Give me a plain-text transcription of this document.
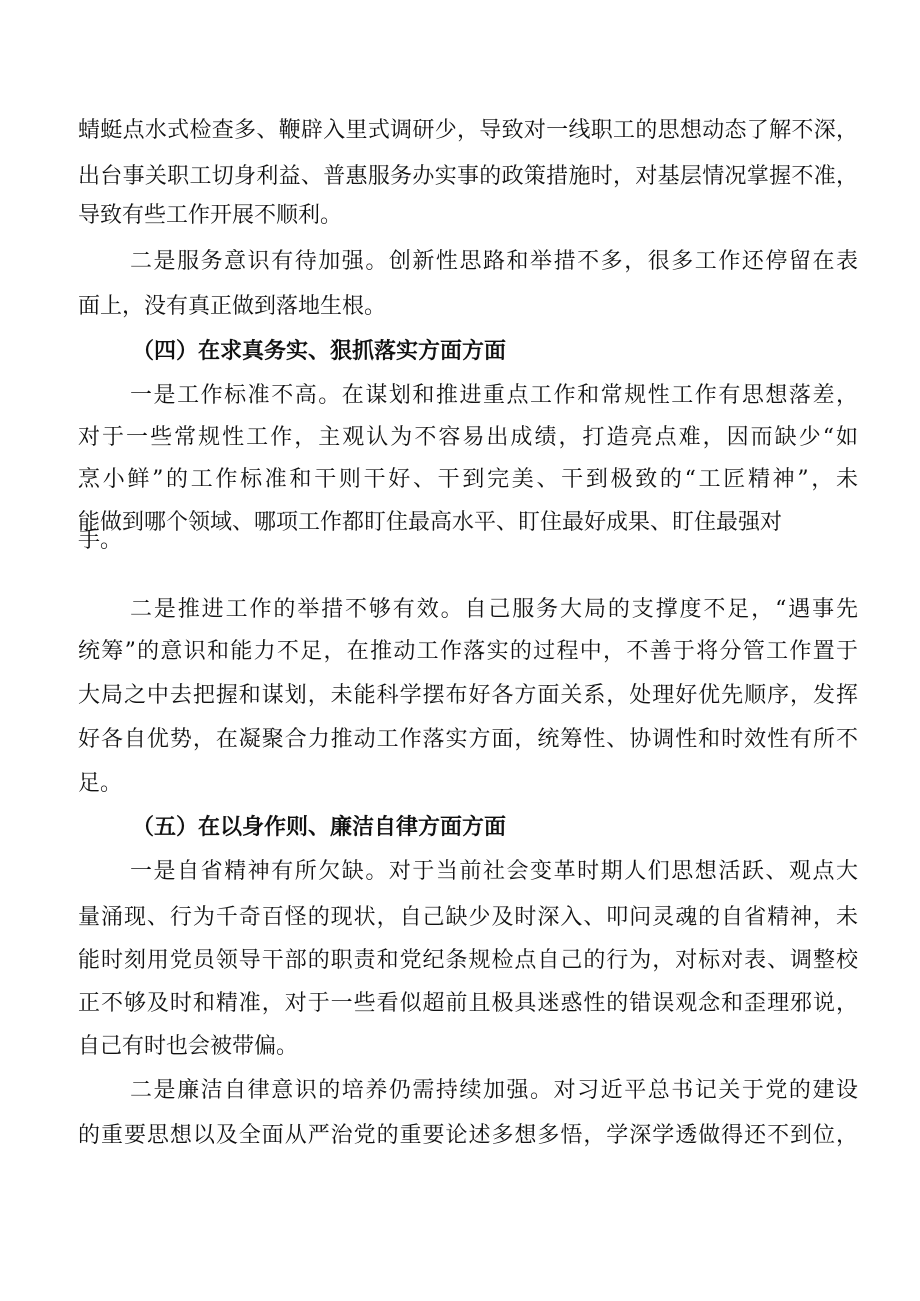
蜻蜓点水式检查多、鞭辟入里式调研少，导致对一线职工的思想动态了解不深，
出台事关职工切身利益、普惠服务办实事的政策措施时，对基层情况掌握不准，
导致有些工作开展不顺利。
二是服务意识有待加强。创新性思路和举措不多，很多工作还停留在表
面上，没有真正做到落地生根。
（四）在求真务实、狠抓落实方面方面
一是工作标准不高。在谋划和推进重点工作和常规性工作有思想落差，
对于一些常规性工作，主观认为不容易出成绩，打造亮点难，因而缺少“如
烹小鲜”的工作标准和干则干好、干到完美、干到极致的“工匠精神”，未
能做到哪个领域、哪项工作都盯住最高水平、盯住最好成果、盯住最强对
手。
二是推进工作的举措不够有效。自己服务大局的支撑度不足，“遇事先
统筹”的意识和能力不足，在推动工作落实的过程中，不善于将分管工作置于
大局之中去把握和谋划，未能科学摆布好各方面关系，处理好优先顺序，发挥
好各自优势，在凝聚合力推动工作落实方面，统筹性、协调性和时效性有所不
足。
（五）在以身作则、廉洁自律方面方面
一是自省精神有所欠缺。对于当前社会变革时期人们思想活跃、观点大
量涌现、行为千奇百怪的现状，自己缺少及时深入、叩问灵魂的自省精神，未
能时刻用党员领导干部的职责和党纪条规检点自己的行为，对标对表、调整校
正不够及时和精准，对于一些看似超前且极具迷惑性的错误观念和歪理邪说，
自己有时也会被带偏。
二是廉洁自律意识的培养仍需持续加强。对习近平总书记关于党的建设
的重要思想以及全面从严治党的重要论述多想多悟，学深学透做得还不到位，
